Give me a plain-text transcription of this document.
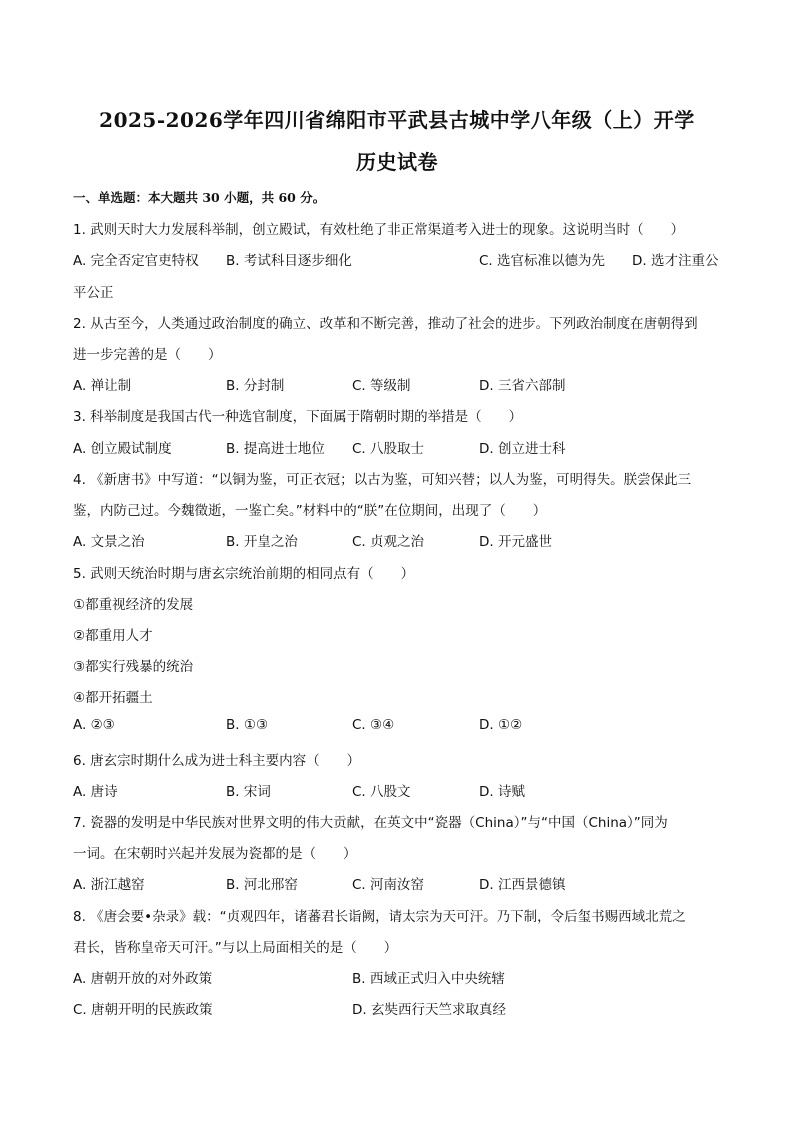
2025-2026学年四川省绵阳市平武县古城中学八年级（上）开学
历史试卷
一、单选题：本大题共 30 小题，共 60 分。
1. 武则天时大力发展科举制，创立殿试，有效杜绝了非正常渠道考入进士的现象。这说明当时（　　）
A. 完全否定官吏特权 B. 考试科目逐步细化	C. 选官标准以德为先 D. 选才注重公
平公正
2. 从古至今，人类通过政治制度的确立、改革和不断完善，推动了社会的进步。下列政治制度在唐朝得到
进一步完善的是（　　）
A. 禅让制	B. 分封制	C. 等级制	D. 三省六部制
3. 科举制度是我国古代一种选官制度，下面属于隋朝时期的举措是（　　）
A. 创立殿试制度	B. 提高进士地位 C. 八股取士	D. 创立进士科
4. 《新唐书》中写道：“以铜为鉴，可正衣冠；以古为鉴，可知兴替；以人为鉴，可明得失。朕尝保此三
鉴，内防己过。今魏徵逝，一鉴亡矣。”材料中的“朕”在位期间，出现了（　　）
A. 文景之治	B. 开皇之治	C. 贞观之治	D. 开元盛世
5. 武则天统治时期与唐玄宗统治前期的相同点有（　　）
①都重视经济的发展
②都重用人才
③都实行残暴的统治
④都开拓疆土
A. ②③	B. ①③	C. ③④	D. ①②
6. 唐玄宗时期什么成为进士科主要内容（　　）
A. 唐诗	B. 宋词	C. 八股文	D. 诗赋
7. 瓷器的发明是中华民族对世界文明的伟大贡献，在英文中“瓷器（China）”与“中国（China）”同为
一词。在宋朝时兴起并发展为瓷都的是（　　）
A. 浙江越窑	B. 河北邢窑	C. 河南汝窑	D. 江西景德镇
8. 《唐会要•杂录》载：“贞观四年，诸蕃君长诣阙，请太宗为天可汗。乃下制，令后玺书赐西域北荒之
君长，皆称皇帝天可汗。”与以上局面相关的是（　　）
A. 唐朝开放的对外政策	B. 西域正式归入中央统辖
C. 唐朝开明的民族政策	D. 玄奘西行天竺求取真经
